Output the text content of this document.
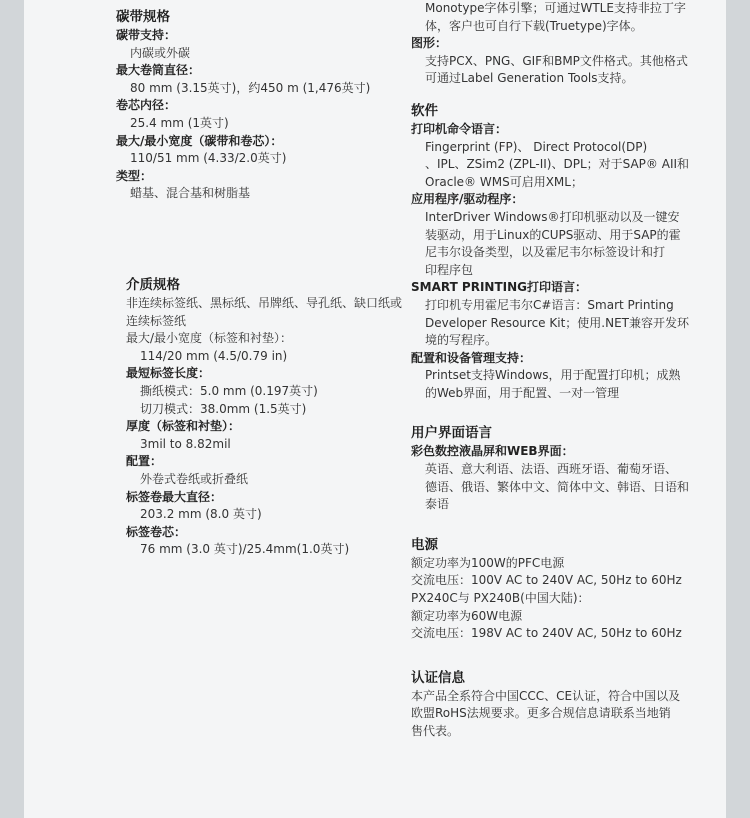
碳带规格
碳带支持：
内碳或外碳
最大卷筒直径：
80 mm (3.15英寸)，约450 m (1,476英寸)
卷芯内径：
25.4 mm (1英寸)
最大/最小宽度（碳带和卷芯）：
110/51 mm (4.33/2.0英寸)
类型：
蜡基、混合基和树脂基
介质规格
非连续标签纸、黑标纸、吊牌纸、导孔纸、缺口纸或连续标签纸
最大/最小宽度（标签和衬垫）：
114/20 mm (4.5/0.79 in)
最短标签长度：
撕纸模式：5.0 mm (0.197英寸)
切刀模式：38.0mm (1.5英寸)
厚度（标签和衬垫）：
3mil to 8.82mil
配置：
外卷式卷纸或折叠纸
标签卷最大直径：
203.2 mm (8.0 英寸)
标签卷芯：
76 mm (3.0 英寸)/25.4mm(1.0英寸)
Monotype字体引擎；可通过WTLE支持非拉丁字
体，客户也可自行下载(Truetype)字体。
图形：
支持PCX、PNG、GIF和BMP文件格式。其他格式
可通过Label Generation Tools支持。
软件
打印机命令语言：
Fingerprint (FP)、 Direct Protocol(DP)
、IPL、ZSim2 (ZPL-II)、DPL；对于SAP® AII和
Oracle® WMS可启用XML；
应用程序/驱动程序：
InterDriver Windows®打印机驱动以及一键安
装驱动，用于Linux的CUPS驱动、用于SAP的霍
尼韦尔设备类型，以及霍尼韦尔标签设计和打
印程序包
SMART PRINTING打印语言：
打印机专用霍尼韦尔C#语言：Smart Printing
Developer Resource Kit；使用.NET兼容开发环
境的写程序。
配置和设备管理支持：
Printset支持Windows，用于配置打印机；成熟
的Web界面，用于配置、一对一管理
用户界面语言
彩色数控液晶屏和WEB界面：
英语、意大利语、法语、西班牙语、葡萄牙语、
德语、俄语、繁体中文、简体中文、韩语、日语和
泰语
电源
额定功率为100W的PFC电源
交流电压：100V AC to 240V AC, 50Hz to 60Hz
PX240C与 PX240B(中国大陆)：
额定功率为60W电源
交流电压：198V AC to 240V AC, 50Hz to 60Hz
认证信息
本产品全系符合中国CCC、CE认证，符合中国以及
欧盟RoHS法规要求。更多合规信息请联系当地销
售代表。
